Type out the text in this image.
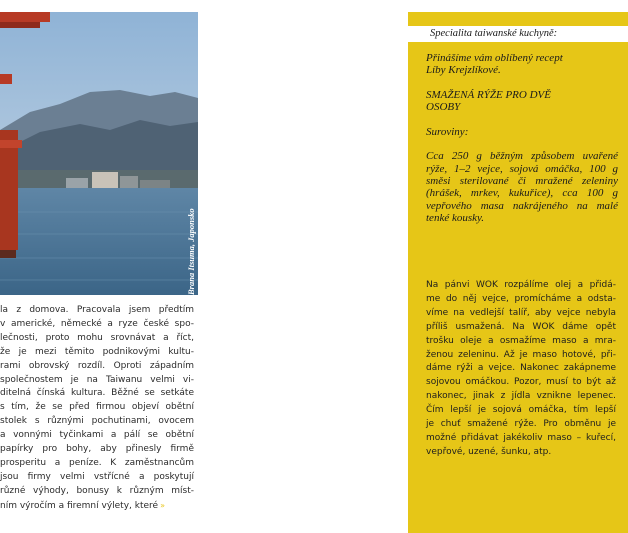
Brana Itsuma, Japonsko
la z domova. Pracovala jsem předtím
v americké, německé a ryze české spo-
lečnosti, proto mohu srovnávat a říct,
že je mezi těmito podnikovými kultu-
rami obrovský rozdíl. Oproti západním
společnostem je na Taiwanu velmi vi-
ditelná čínská kultura. Běžné se setkáte
s tím, že se před firmou objeví obětní
stolek s různými pochutinami, ovocem
a vonnými tyčinkami a pálí se obětní
papírky pro bohy, aby přinesly firmě
prosperitu a peníze. K zaměstnancům
jsou firmy velmi vstřícné a poskytují
různé výhody, bonusy k různým míst-
ním výročím a firemní výlety, které »
Specialita taiwanské kuchyně:
Přinášíme vám oblíbený recept
Líby Krejzlíkové.
SMAŽENÁ RÝŽE PRO DVĚ
OSOBY
Suroviny:
Cca 250 g běžným způsobem uvařené
rýže, 1–2 vejce, sojová omáčka, 100 g
směsi sterilované či mražené zeleniny
(hrášek, mrkev, kukuřice), cca 100 g
vepřového masa nakrájeného na malé
tenké kousky.
Na pánvi WOK rozpálíme olej a přidá-
me do něj vejce, promícháme a odsta-
víme na vedlejší talíř, aby vejce nebyla
příliš usmažená. Na WOK dáme opět
trošku oleje a osmažíme maso a mra-
ženou zeleninu. Až je maso hotové, při-
dáme rýži a vejce. Nakonec zakápneme
sojovou omáčkou. Pozor, musí to být až
nakonec, jinak z jídla vznikne lepenec.
Čím lepší je sojová omáčka, tím lepší
je chuť smažené rýže. Pro obměnu je
možné přidávat jakékoliv maso – kuřecí,
vepřové, uzené, šunku, atp.
